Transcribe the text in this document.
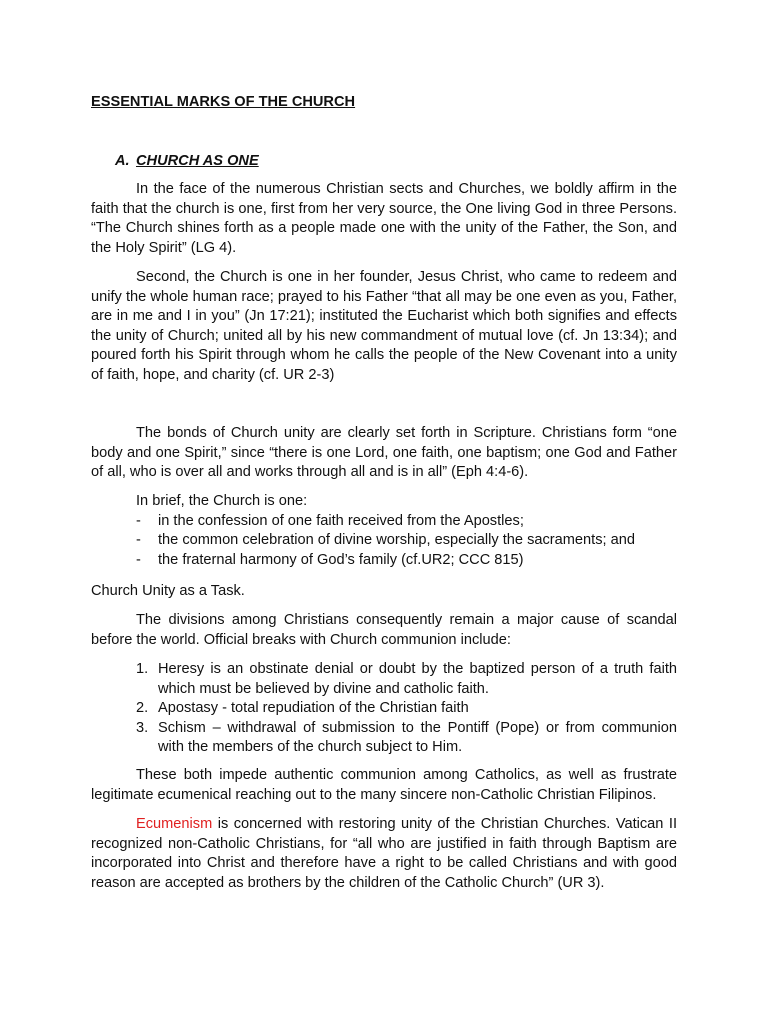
ESSENTIAL MARKS OF THE CHURCH
A. CHURCH AS ONE

In the face of the numerous Christian sects and Churches, we boldly affirm in the faith that the church is one, first from her very source, the One living God in three Persons. “The Church shines forth as a people made one with the unity of the Father, the Son, and the Holy Spirit” (LG 4).

Second, the Church is one in her founder, Jesus Christ, who came to redeem and unify the whole human race; prayed to his Father “that all may be one even as you, Father, are in me and I in you” (Jn 17:21); instituted the Eucharist which both signifies and effects the unity of Church; united all by his new commandment of mutual love (cf. Jn 13:34); and poured forth his Spirit through whom he calls the people of the New Covenant into a unity of faith, hope, and charity (cf. UR 2-3)

The bonds of Church unity are clearly set forth in Scripture. Christians form “one body and one Spirit,” since “there is one Lord, one faith, one baptism; one God and Father of all, who is over all and works through all and is in all” (Eph 4:4-6).

In brief, the Church is one:

- in the confession of one faith received from the Apostles;
- the common celebration of divine worship, especially the sacraments; and
- the fraternal harmony of God’s family (cf.UR2; CCC 815)

Church Unity as a Task.

The divisions among Christians consequently remain a major cause of scandal before the world. Official breaks with Church communion include:

1. Heresy is an obstinate denial or doubt by the baptized person of a truth faith which must be believed by divine and catholic faith.
2. Apostasy - total repudiation of the Christian faith
3. Schism – withdrawal of submission to the Pontiff (Pope) or from communion with the members of the church subject to Him.

These both impede authentic communion among Catholics, as well as frustrate legitimate ecumenical reaching out to the many sincere non-Catholic Christian Filipinos.

Ecumenism is concerned with restoring unity of the Christian Churches. Vatican II recognized non-Catholic Christians, for “all who are justified in faith through Baptism are incorporated into Christ and therefore have a right to be called Christians and with good reason are accepted as brothers by the children of the Catholic Church” (UR 3).
